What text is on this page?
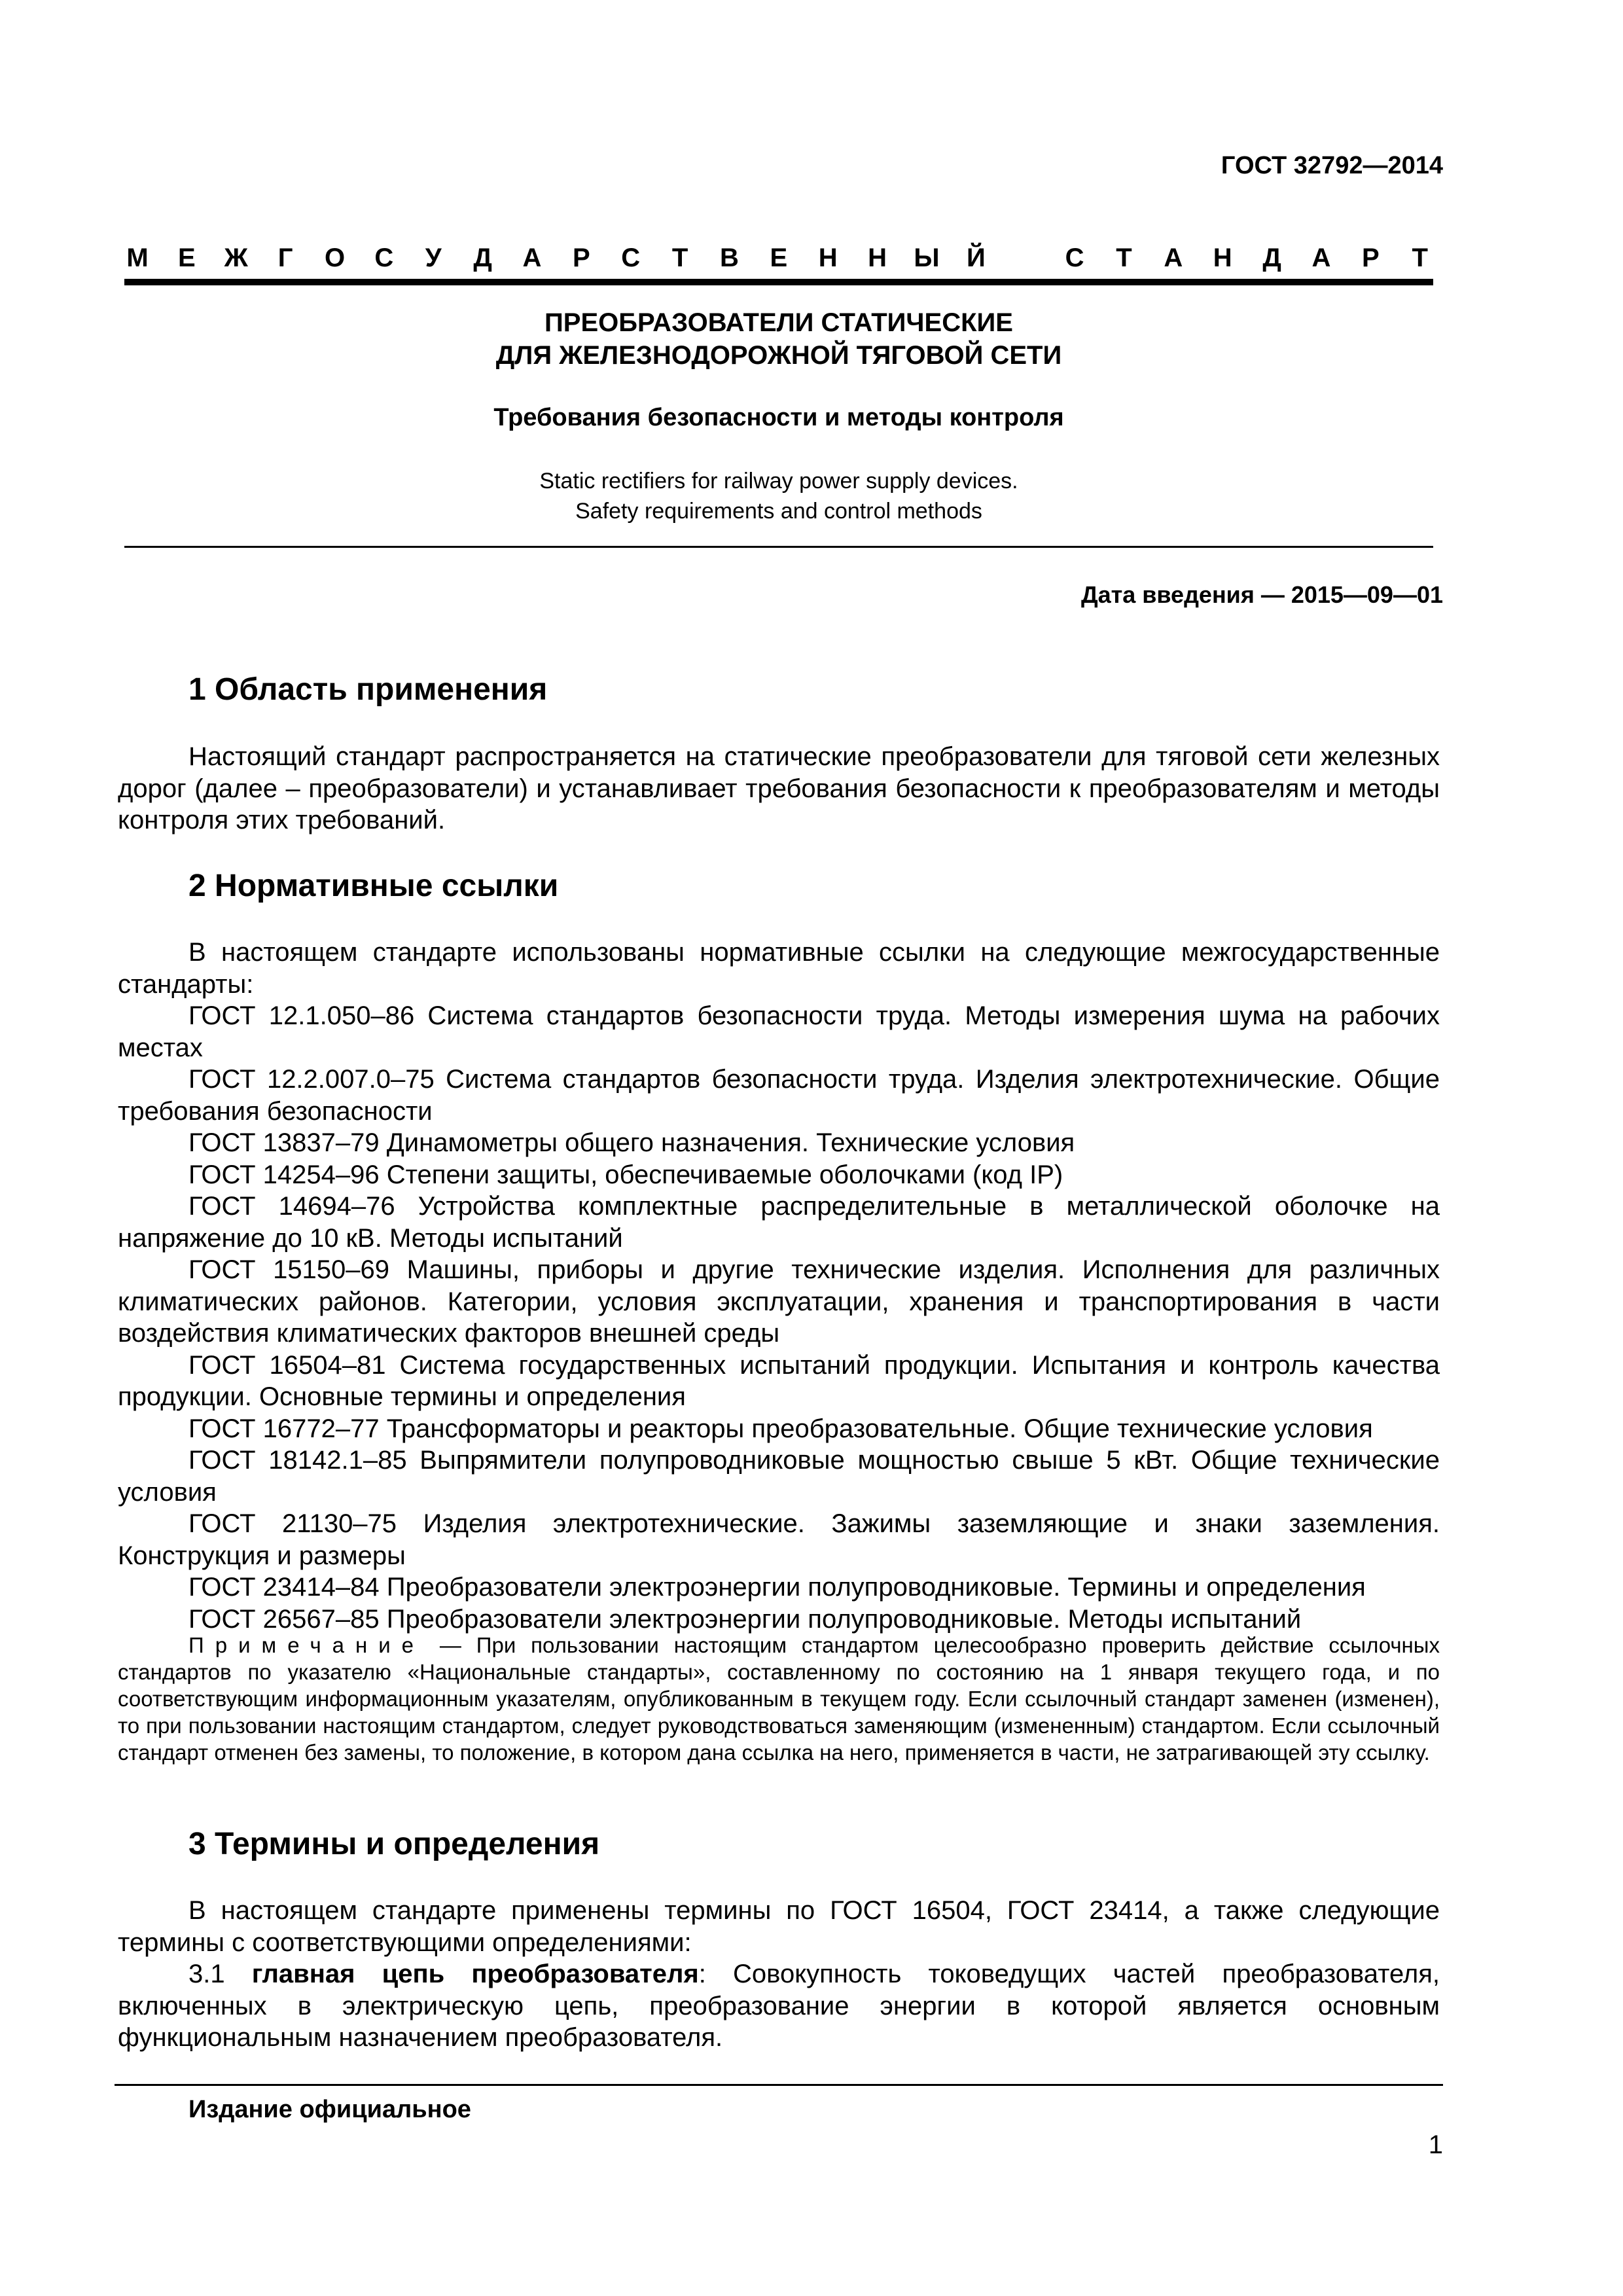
ГОСТ 32792—2014
М Е Ж Г О С У Д А Р С Т В Е Н Н Ы Й	С Т А Н Д А Р Т
ПРЕОБРАЗОВАТЕЛИ СТАТИЧЕСКИЕ
ДЛЯ ЖЕЛЕЗНОДОРОЖНОЙ ТЯГОВОЙ СЕТИ
Требования безопасности и методы контроля
Static rectifiers for railway power supply devices.
Safety requirements and control methods
Дата введения — 2015—09—01
1 Область применения

Настоящий стандарт распространяется на статические преобразователи для тяговой сети железных дорог (далее – преобразователи) и устанавливает требования безопасности к преобразователям и методы контроля этих требований.

2 Нормативные ссылки

В настоящем стандарте использованы нормативные ссылки на следующие межгосударственные стандарты:

ГОСТ 12.1.050–86 Система стандартов безопасности труда. Методы измерения шума на рабочих местах

ГОСТ 12.2.007.0–75 Система стандартов безопасности труда. Изделия электротехнические. Общие требования безопасности

ГОСТ 13837–79 Динамометры общего назначения. Технические условия

ГОСТ 14254–96 Степени защиты, обеспечиваемые оболочками (код IP)

ГОСТ 14694–76 Устройства комплектные распределительные в металлической оболочке на напряжение до 10 кВ. Методы испытаний

ГОСТ 15150–69 Машины, приборы и другие технические изделия. Исполнения для различных климатических районов. Категории, условия эксплуатации, хранения и транспортирования в части воздействия климатических факторов внешней среды

ГОСТ 16504–81 Система государственных испытаний продукции. Испытания и контроль качества продукции. Основные термины и определения

ГОСТ 16772–77 Трансформаторы и реакторы преобразовательные. Общие технические условия

ГОСТ 18142.1–85 Выпрямители полупроводниковые мощностью свыше 5 кВт. Общие технические условия

ГОСТ 21130–75 Изделия электротехнические. Зажимы заземляющие и знаки заземления. Конструкция и размеры

ГОСТ 23414–84 Преобразователи электроэнергии полупроводниковые. Термины и определения

ГОСТ 26567–85 Преобразователи электроэнергии полупроводниковые. Методы испытаний

Примечание — При пользовании настоящим стандартом целесообразно проверить действие ссылочных стандартов по указателю «Национальные стандарты», составленному по состоянию на 1 января текущего года, и по соответствующим информационным указателям, опубликованным в текущем году. Если ссылочный стандарт заменен (изменен), то при пользовании настоящим стандартом, следует руководствоваться заменяющим (измененным) стандартом. Если ссылочный стандарт отменен без замены, то положение, в котором дана ссылка на него, применяется в части, не затрагивающей эту ссылку.

3 Термины и определения

В настоящем стандарте применены термины по ГОСТ 16504, ГОСТ 23414, а также следующие термины с соответствующими определениями:

3.1 главная цепь преобразователя: Совокупность токоведущих частей преобразователя, включенных в электрическую цепь, преобразование энергии в которой является основным функциональным назначением преобразователя.

Издание официальное
1
